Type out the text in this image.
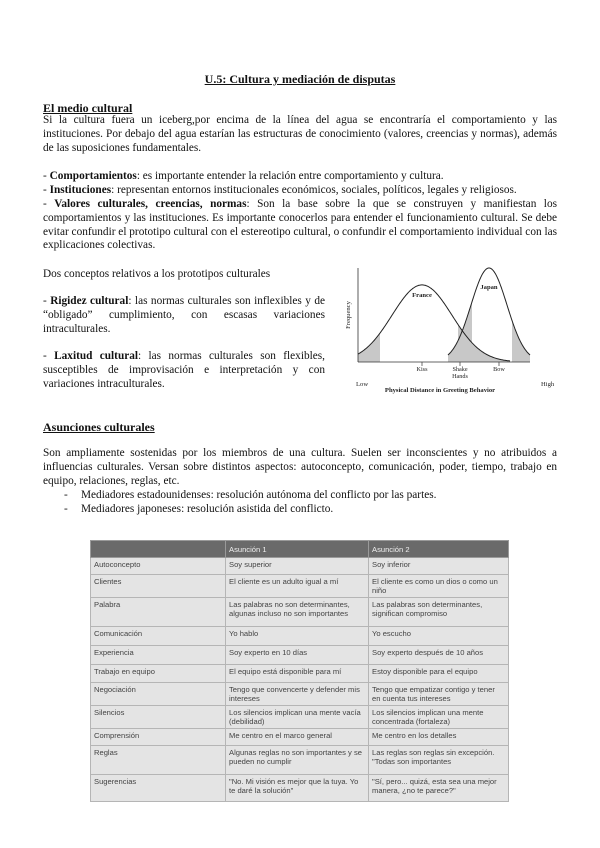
U.5: Cultura y mediación de disputas
El medio cultural

Si la cultura fuera un iceberg,por encima de la línea del agua se encontraría el comportamiento y las instituciones. Por debajo del agua estarían las estructuras de conocimiento (valores, creencias y normas), además de las suposiciones fundamentales.

- Comportamientos: es importante entender la relación entre comportamiento y cultura.

- Instituciones: representan entornos institucionales económicos, sociales, políticos, legales y religiosos.

- Valores culturales, creencias, normas: Son la base sobre la que se construyen y manifiestan los comportamientos y las instituciones. Es importante conocerlos para entender el funcionamiento cultural. Se debe evitar confundir el prototipo cultural con el estereotipo cultural, o confundir el comportamiento individual con las explicaciones colectivas.

Dos conceptos relativos a los prototipos culturales

- Rigidez cultural: las normas culturales son inflexibles y de “obligado” cumplimiento, con escasas variaciones intraculturales.

- Laxitud cultural: las normas culturales son flexibles, susceptibles de improvisación e interpretación y con variaciones intraculturales.

Kiss	Shake Hands
Bow
France
Japan
Frequency
Low
Physical Distance in Greeting Behavior
High
Asunciones culturales

Son ampliamente sostenidas por los miembros de una cultura. Suelen ser inconscientes y no atribuidos a influencias culturales. Versan sobre distintos aspectos: autoconcepto, comunicación, poder, tiempo, trabajo en equipo, relaciones, reglas, etc.

- Mediadores estadounidenses: resolución autónoma del conflicto por las partes.
- Mediadores japoneses: resolución asistida del conflicto.
	Asunción 1	Asunción 2
Autoconcepto	Soy superior	Soy inferior
Clientes	El cliente es un adulto igual a mí	El cliente es como un dios o como un niño
Palabra	Las palabras no son determinantes, algunas incluso no son importantes	Las palabras son determinantes, significan compromiso
Comunicación	Yo hablo	Yo escucho
Experiencia	Soy experto en 10 días	Soy experto después de 10 años
Trabajo en equipo	El equipo está disponible para mí	Estoy disponible para el equipo
Negociación	Tengo que convencerte y defender mis intereses	Tengo que empatizar contigo y tener en cuenta tus intereses
Silencios	Los silencios implican una mente vacía (debilidad)	Los silencios implican una mente concentrada (fortaleza)
Comprensión	Me centro en el marco general	Me centro en los detalles
Reglas	Algunas reglas no son importantes y se pueden no cumplir	Las reglas son reglas sin excepción. "Todas son importantes
Sugerencias	"No. Mi visión es mejor que la tuya. Yo te daré la solución"	"Sí, pero... quizá, esta sea una mejor manera, ¿no te parece?"
